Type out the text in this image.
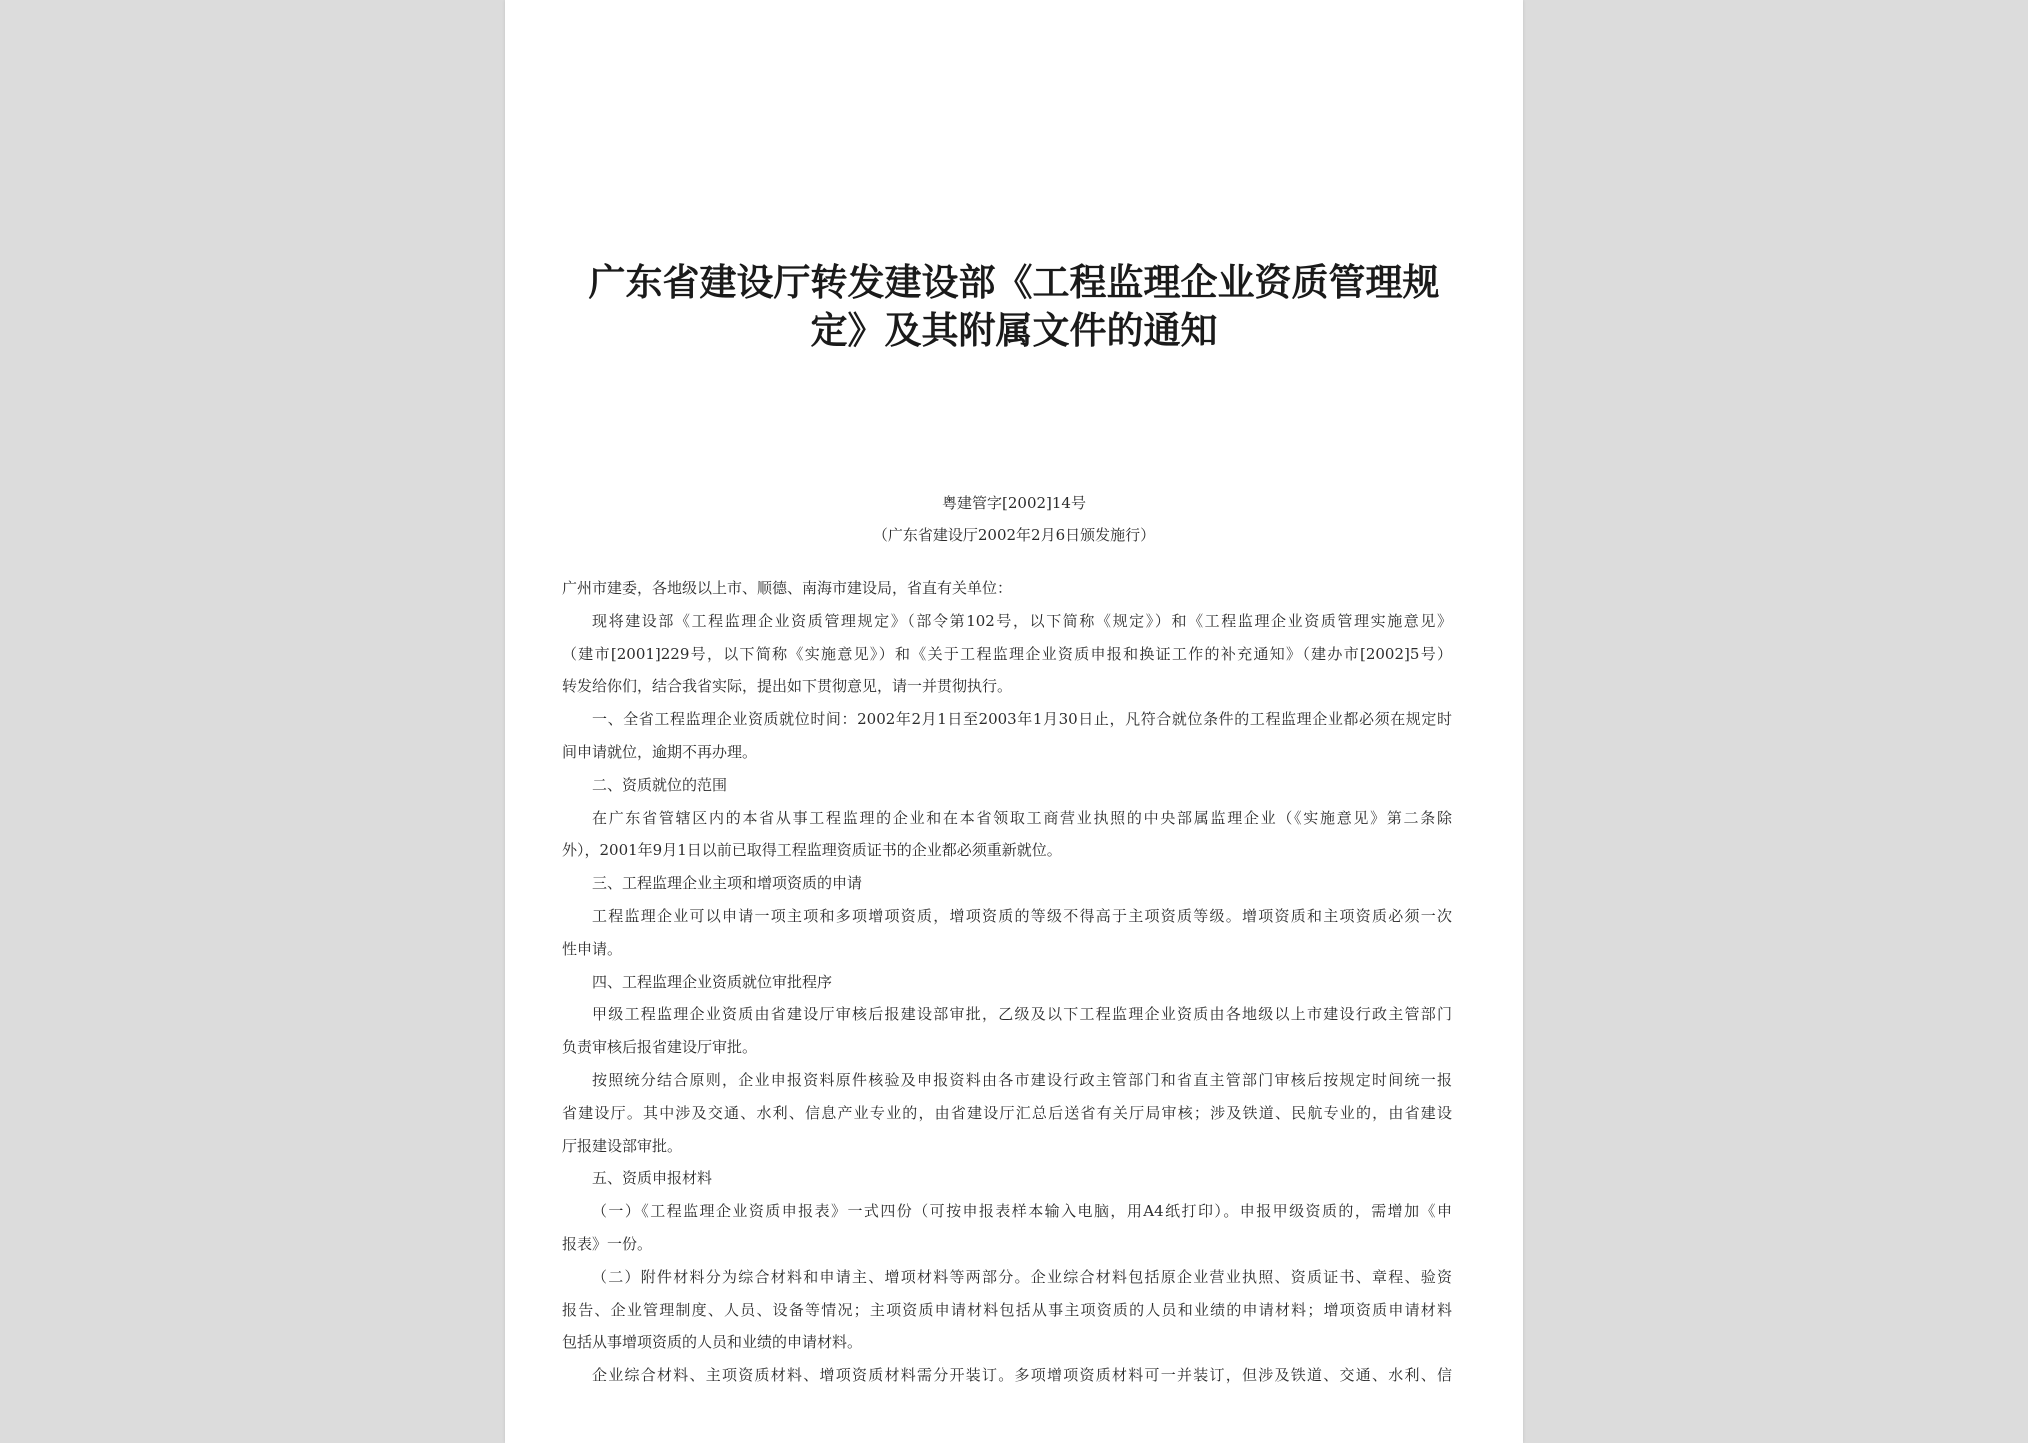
广东省建设厅转发建设部《工程监理企业资质管理规
定》及其附属文件的通知
粤建管字[2002]14号
（广东省建设厅2002年2月6日颁发施行）
广州市建委，各地级以上市、顺德、南海市建设局，省直有关单位：
现将建设部《工程监理企业资质管理规定》（部令第102号，以下简称《规定》）和《工程监理企业资质管理实施意见》
（建市[2001]229号，以下简称《实施意见》）和《关于工程监理企业资质申报和换证工作的补充通知》（建办市[2002]5号）
转发给你们，结合我省实际，提出如下贯彻意见，请一并贯彻执行。
一、全省工程监理企业资质就位时间：2002年2月1日至2003年1月30日止，凡符合就位条件的工程监理企业都必须在规定时
间申请就位，逾期不再办理。
二、资质就位的范围
在广东省管辖区内的本省从事工程监理的企业和在本省领取工商营业执照的中央部属监理企业（《实施意见》第二条除
外），2001年9月1日以前已取得工程监理资质证书的企业都必须重新就位。
三、工程监理企业主项和增项资质的申请
工程监理企业可以申请一项主项和多项增项资质，增项资质的等级不得高于主项资质等级。增项资质和主项资质必须一次
性申请。
四、工程监理企业资质就位审批程序
甲级工程监理企业资质由省建设厅审核后报建设部审批，乙级及以下工程监理企业资质由各地级以上市建设行政主管部门
负责审核后报省建设厅审批。
按照统分结合原则，企业申报资料原件核验及申报资料由各市建设行政主管部门和省直主管部门审核后按规定时间统一报
省建设厅。其中涉及交通、水利、信息产业专业的，由省建设厅汇总后送省有关厅局审核；涉及铁道、民航专业的，由省建设
厅报建设部审批。
五、资质申报材料
（一）《工程监理企业资质申报表》一式四份（可按申报表样本输入电脑，用A4纸打印）。申报甲级资质的，需增加《申
报表》一份。
（二）附件材料分为综合材料和申请主、增项材料等两部分。企业综合材料包括原企业营业执照、资质证书、章程、验资
报告、企业管理制度、人员、设备等情况；主项资质申请材料包括从事主项资质的人员和业绩的申请材料；增项资质申请材料
包括从事增项资质的人员和业绩的申请材料。
企业综合材料、主项资质材料、增项资质材料需分开装订。多项增项资质材料可一并装订，但涉及铁道、交通、水利、信
